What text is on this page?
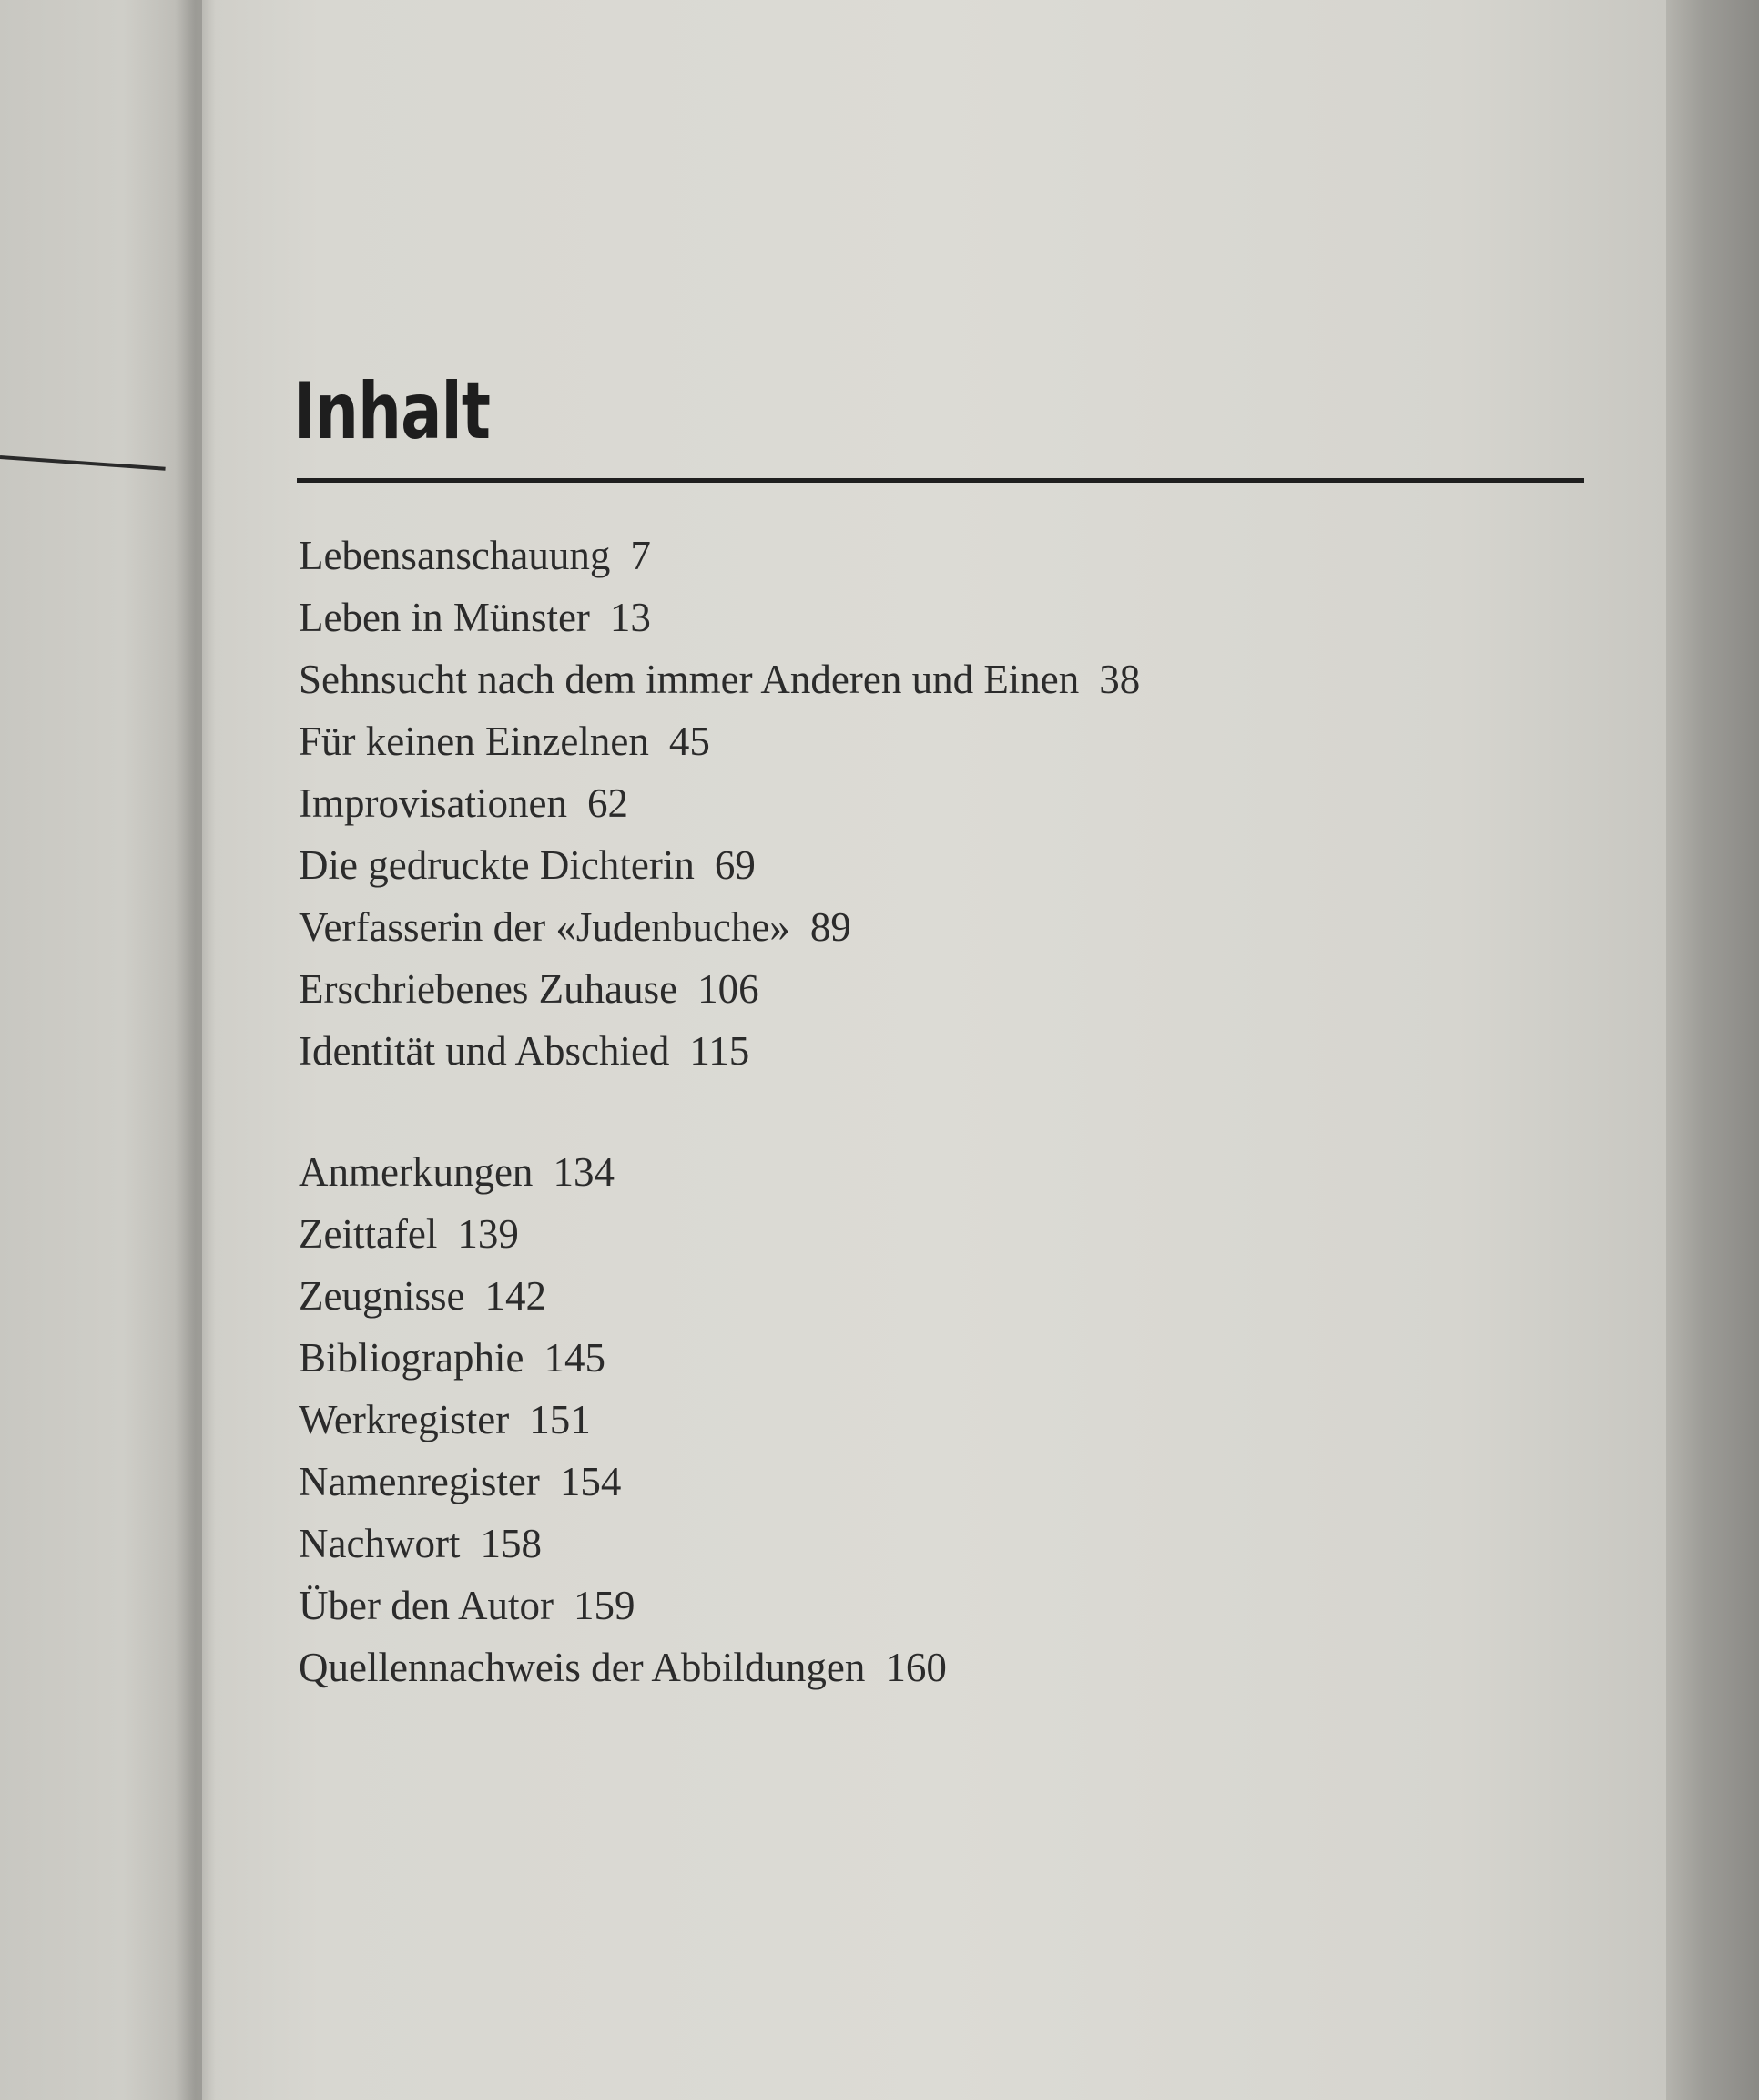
Inhalt
Lebensanschauung 7
Leben in Münster 13
Sehnsucht nach dem immer Anderen und Einen 38
Für keinen Einzelnen 45
Improvisationen 62
Die gedruckte Dichterin 69
Verfasserin der «Judenbuche» 89
Erschriebenes Zuhause 106
Identität und Abschied 115
Anmerkungen 134
Zeittafel 139
Zeugnisse 142
Bibliographie 145
Werkregister 151
Namenregister 154
Nachwort 158
Über den Autor 159
Quellennachweis der Abbildungen 160
